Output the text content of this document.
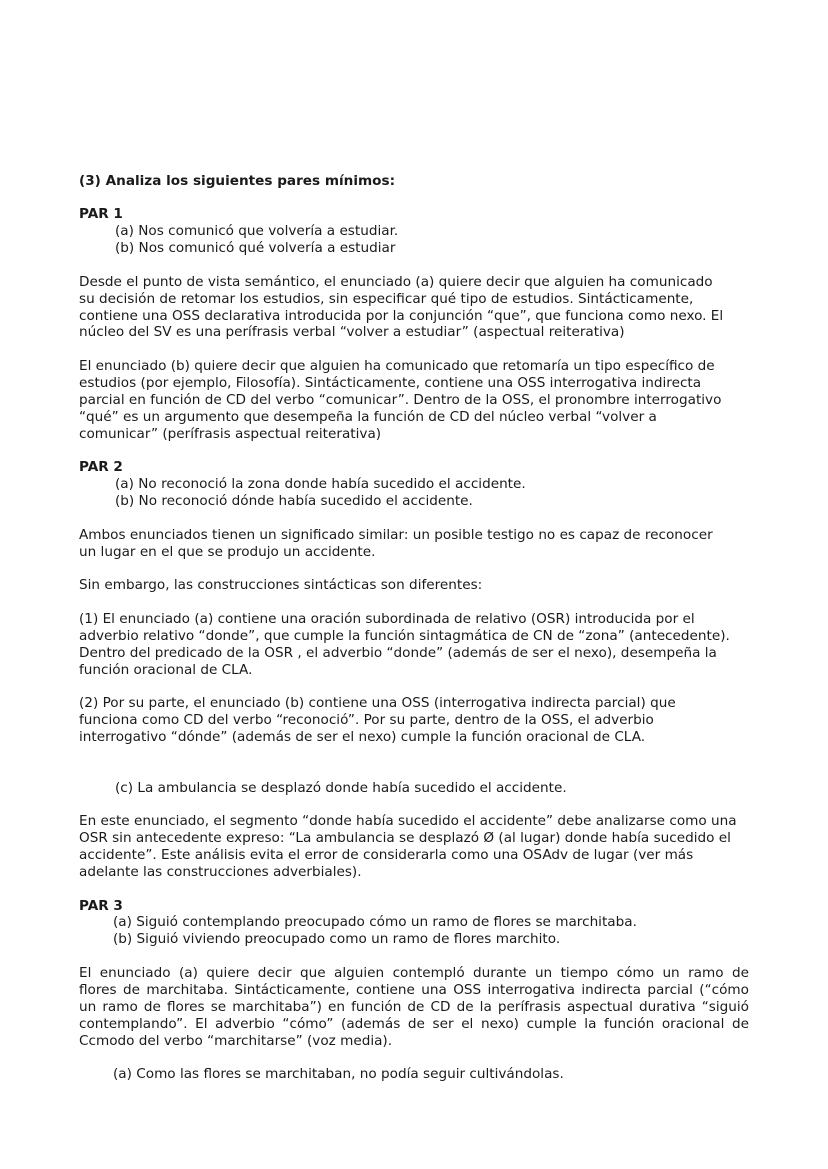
(3) Analiza los siguientes pares mínimos:
PAR 1
(a) Nos comunicó que volvería a estudiar.
(b) Nos comunicó qué volvería a estudiar
Desde el punto de vista semántico, el enunciado (a) quiere decir que alguien ha comunicado
su decisión de retomar los estudios, sin especificar qué tipo de estudios. Sintácticamente,
contiene una OSS declarativa introducida por la conjunción “que”, que funciona como nexo. El
núcleo del SV es una perífrasis verbal “volver a estudiar” (aspectual reiterativa)
El enunciado (b) quiere decir que alguien ha comunicado que retomaría un tipo específico de
estudios (por ejemplo, Filosofía). Sintácticamente, contiene una OSS interrogativa indirecta
parcial en función de CD del verbo “comunicar”. Dentro de la OSS, el pronombre interrogativo
“qué” es un argumento que desempeña la función de CD del núcleo verbal “volver a
comunicar” (perífrasis aspectual reiterativa)
PAR 2
(a) No reconoció la zona donde había sucedido el accidente.
(b) No reconoció dónde había sucedido el accidente.
Ambos enunciados tienen un significado similar: un posible testigo no es capaz de reconocer
un lugar en el que se produjo un accidente.
Sin embargo, las construcciones sintácticas son diferentes:
(1) El enunciado (a) contiene una oración subordinada de relativo (OSR) introducida por el
adverbio relativo “donde”, que cumple la función sintagmática de CN de “zona” (antecedente).
Dentro del predicado de la OSR , el adverbio “donde” (además de ser el nexo), desempeña la
función oracional de CLA.
(2) Por su parte, el enunciado (b) contiene una OSS (interrogativa indirecta parcial) que
funciona como CD del verbo “reconoció”. Por su parte, dentro de la OSS, el adverbio
interrogativo “dónde” (además de ser el nexo) cumple la función oracional de CLA.
(c) La ambulancia se desplazó donde había sucedido el accidente.
En este enunciado, el segmento “donde había sucedido el accidente” debe analizarse como una
OSR sin antecedente expreso: “La ambulancia se desplazó Ø (al lugar) donde había sucedido el
accidente”. Este análisis evita el error de considerarla como una OSAdv de lugar (ver más
adelante las construcciones adverbiales).
PAR 3
(a) Siguió contemplando preocupado cómo un ramo de flores se marchitaba.
(b) Siguió viviendo preocupado como un ramo de flores marchito.
El enunciado (a) quiere decir que alguien contempló durante un tiempo cómo un ramo de
flores de marchitaba. Sintácticamente, contiene una OSS interrogativa indirecta parcial (“cómo
un ramo de flores se marchitaba”) en función de CD de la perífrasis aspectual durativa “siguió
contemplando”. El adverbio “cómo” (además de ser el nexo) cumple la función oracional de
Ccmodo del verbo “marchitarse” (voz media).
(a) Como las flores se marchitaban, no podía seguir cultivándolas.
